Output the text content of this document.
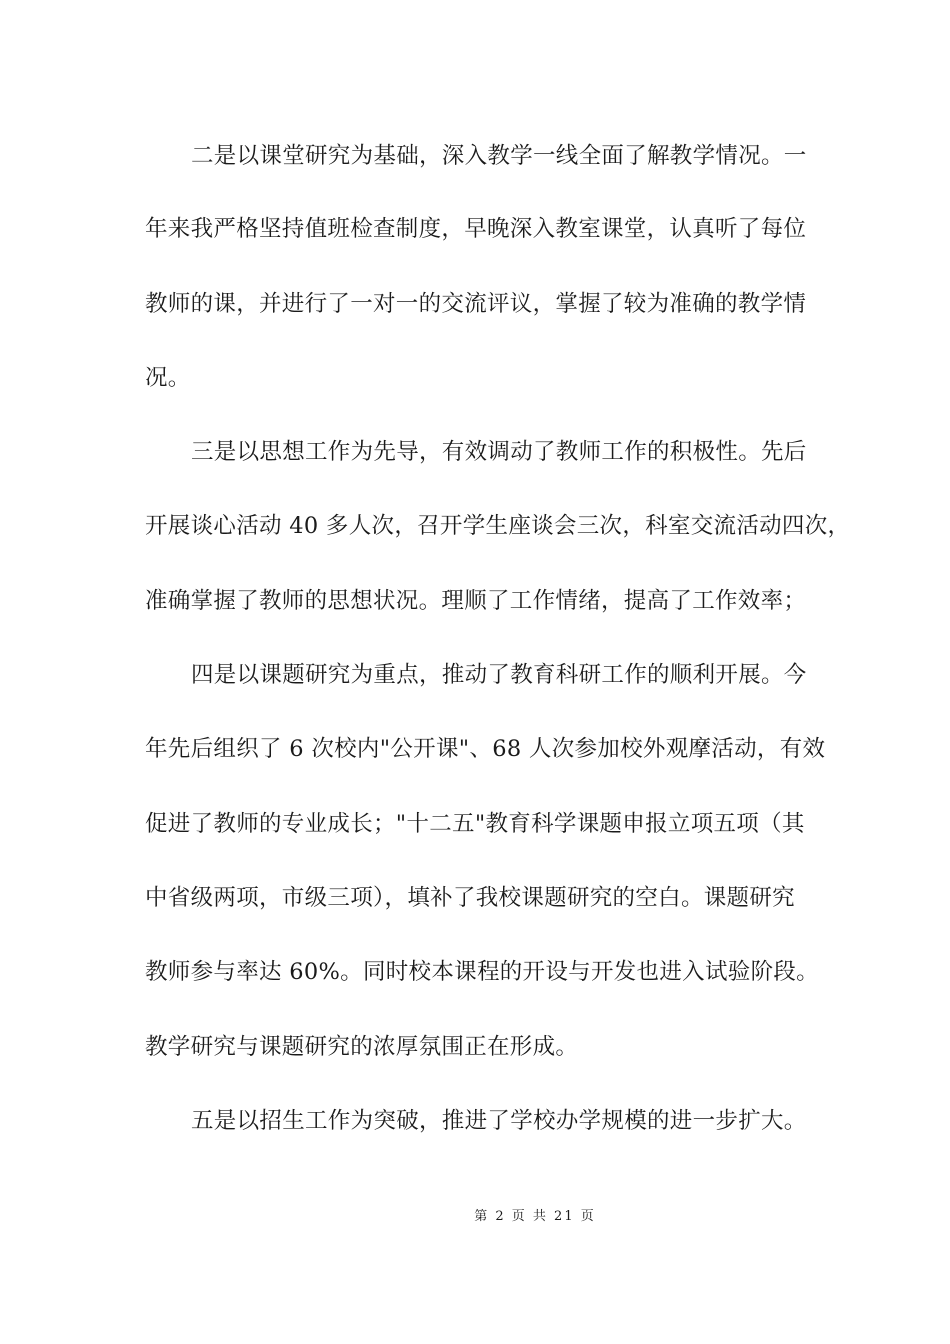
二是以课堂研究为基础，深入教学一线全面了解教学情况。一
年来我严格坚持值班检查制度，早晚深入教室课堂，认真听了每位
教师的课，并进行了一对一的交流评议，掌握了较为准确的教学情
况。
三是以思想工作为先导，有效调动了教师工作的积极性。先后
开展谈心活动 40 多人次，召开学生座谈会三次，科室交流活动四次，
准确掌握了教师的思想状况。理顺了工作情绪，提高了工作效率；
四是以课题研究为重点，推动了教育科研工作的顺利开展。今
年先后组织了 6 次校内"公开课"、68 人次参加校外观摩活动，有效
促进了教师的专业成长；"十二五"教育科学课题申报立项五项（其
中省级两项，市级三项），填补了我校课题研究的空白。课题研究
教师参与率达 60%。同时校本课程的开设与开发也进入试验阶段。
教学研究与课题研究的浓厚氛围正在形成。
五是以招生工作为突破，推进了学校办学规模的进一步扩大。
第 2 页 共 21 页
